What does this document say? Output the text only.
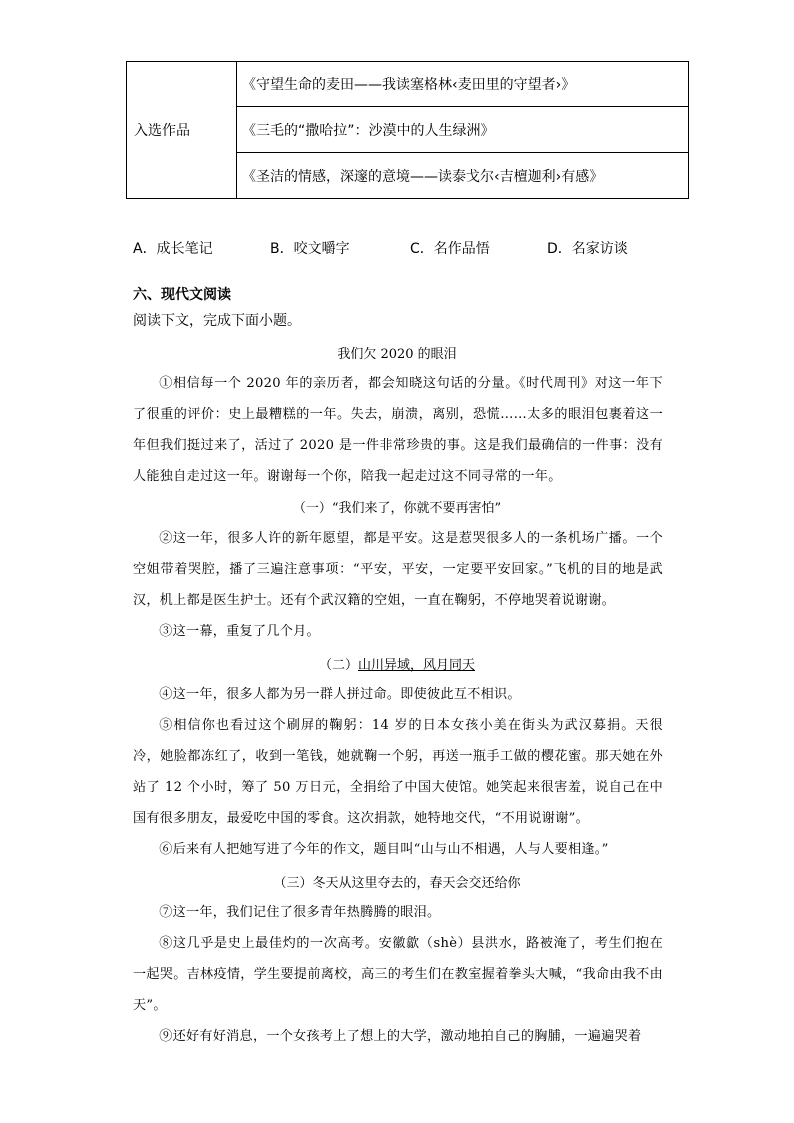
入选作品
《守望生命的麦田——我读塞格林‹麦田里的守望者›》
《三毛的“撒哈拉”：沙漠中的人生绿洲》
《圣洁的情感，深邃的意境——读泰戈尔‹吉檀迦利›有感》
A．成长笔记	B．咬文嚼字	C．名作品悟	D．名家访谈
六、现代文阅读
阅读下文，完成下面小题。
我们欠 2020 的眼泪
①相信每一个 2020 年的亲历者，都会知晓这句话的分量。《时代周刊》对这一年下了很重的评价：史上最糟糕的一年。失去，崩溃，离别，恐慌……太多的眼泪包裹着这一年但我们挺过来了，活过了 2020 是一件非常珍贵的事。这是我们最确信的一件事：没有人能独自走过这一年。谢谢每一个你，陪我一起走过这不同寻常的一年。
（一）“我们来了，你就不要再害怕”
②这一年，很多人许的新年愿望，都是平安。这是惹哭很多人的一条机场广播。一个空姐带着哭腔，播了三遍注意事项：“平安，平安，一定要平安回家。”飞机的目的地是武汉，机上都是医生护士。还有个武汉籍的空姐，一直在鞠躬，不停地哭着说谢谢。
③这一幕，重复了几个月。
（二）山川异域，风月同天
④这一年，很多人都为另一群人拼过命。即使彼此互不相识。
⑤相信你也看过这个刷屏的鞠躬：14 岁的日本女孩小美在街头为武汉募捐。天很冷，她脸都冻红了，收到一笔钱，她就鞠一个躬，再送一瓶手工做的樱花蜜。那天她在外站了 12 个小时，筹了 50 万日元，全捐给了中国大使馆。她笑起来很害羞，说自己在中国有很多朋友，最爱吃中国的零食。这次捐款，她特地交代，“不用说谢谢”。
⑥后来有人把她写进了今年的作文，题目叫“山与山不相遇，人与人要相逢。”
（三）冬天从这里夺去的，春天会交还给你
⑦这一年，我们记住了很多青年热腾腾的眼泪。
⑧这几乎是史上最佳灼的一次高考。安徽歙（shè）县洪水，路被淹了，考生们抱在一起哭。吉林疫情，学生要提前离校，高三的考生们在教室握着拳头大喊，“我命由我不由天”。
⑨还好有好消息，一个女孩考上了想上的大学，激动地拍自己的胸脯，一遍遍哭着
